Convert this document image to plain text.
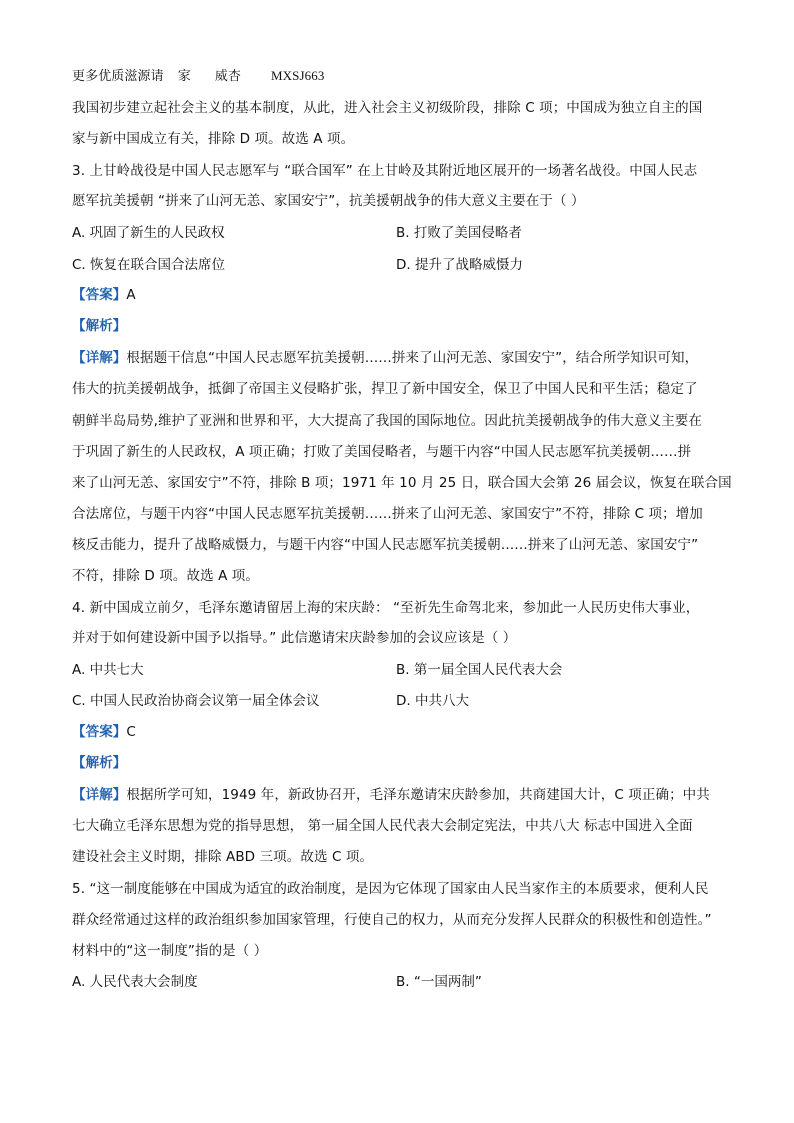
更多优质滋源请 家 威杏 MXSJ663
我国初步建立起社会主义的基本制度，从此，进入社会主义初级阶段，排除 C 项；中国成为独立自主的国
家与新中国成立有关，排除 D 项。故选 A 项。
3. 上甘岭战役是中国人民志愿军与 “联合国军” 在上甘岭及其附近地区展开的一场著名战役。中国人民志
愿军抗美援朝 “拼来了山河无恙、家国安宁”，抗美援朝战争的伟大意义主要在于（ ）
A. 巩固了新生的人民政权	B. 打败了美国侵略者
C. 恢复在联合国合法席位	D. 提升了战略威慑力
【答案】A
【解析】
【详解】根据题干信息“中国人民志愿军抗美援朝……拼来了山河无恙、家国安宁”，结合所学知识可知，
伟大的抗美援朝战争，抵御了帝国主义侵略扩张，捍卫了新中国安全，保卫了中国人民和平生活；稳定了
朝鲜半岛局势,维护了亚洲和世界和平，大大提高了我国的国际地位。因此抗美援朝战争的伟大意义主要在
于巩固了新生的人民政权，A 项正确；打败了美国侵略者，与题干内容“中国人民志愿军抗美援朝……拼
来了山河无恙、家国安宁”不符，排除 B 项；1971 年 10 月 25 日，联合国大会第 26 届会议，恢复在联合国
合法席位，与题干内容“中国人民志愿军抗美援朝……拼来了山河无恙、家国安宁”不符，排除 C 项；增加
核反击能力，提升了战略威慑力，与题干内容“中国人民志愿军抗美援朝……拼来了山河无恙、家国安宁”
不符，排除 D 项。故选 A 项。
4. 新中国成立前夕，毛泽东邀请留居上海的宋庆龄： “至祈先生命驾北来，参加此一人民历史伟大事业，
并对于如何建设新中国予以指导。” 此信邀请宋庆龄参加的会议应该是（ ）
A. 中共七大	B. 第一届全国人民代表大会
C. 中国人民政治协商会议第一届全体会议	D. 中共八大
【答案】C
【解析】
【详解】根据所学可知，1949 年，新政协召开，毛泽东邀请宋庆龄参加，共商建国大计，C 项正确；中共
七大确立毛泽东思想为党的指导思想， 第一届全国人民代表大会制定宪法，中共八大 标志中国进入全面
建设社会主义时期，排除 ABD 三项。故选 C 项。
5. “这一制度能够在中国成为适宜的政治制度，是因为它体现了国家由人民当家作主的本质要求，便利人民
群众经常通过这样的政治组织参加国家管理，行使自己的权力，从而充分发挥人民群众的积极性和创造性。”
材料中的“这一制度”指的是（ ）
A. 人民代表大会制度	B. “一国两制”
